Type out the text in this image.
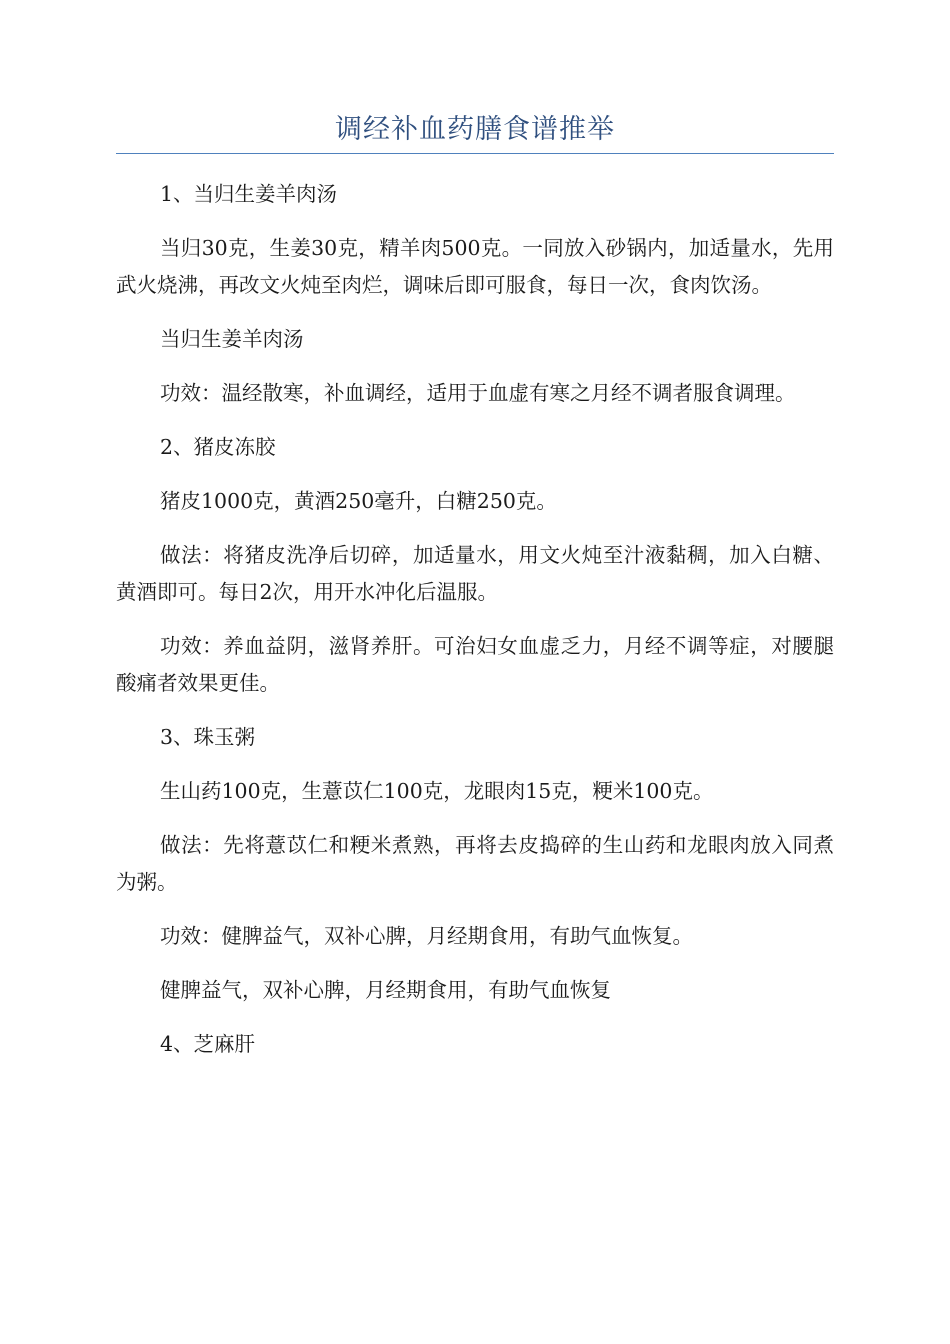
调经补血药膳食谱推举

1、当归生姜羊肉汤

当归30克，生姜30克，精羊肉500克。一同放入砂锅内，加适量水，先用武火烧沸，再改文火炖至肉烂，调味后即可服食，每日一次，食肉饮汤。

当归生姜羊肉汤

功效：温经散寒，补血调经，适用于血虚有寒之月经不调者服食调理。

2、猪皮冻胶

猪皮1000克，黄酒250毫升，白糖250克。

做法：将猪皮洗净后切碎，加适量水，用文火炖至汁液黏稠，加入白糖、黄酒即可。每日2次，用开水冲化后温服。

功效：养血益阴，滋肾养肝。可治妇女血虚乏力，月经不调等症，对腰腿酸痛者效果更佳。

3、珠玉粥

生山药100克，生薏苡仁100克，龙眼肉15克，粳米100克。

做法：先将薏苡仁和粳米煮熟，再将去皮捣碎的生山药和龙眼肉放入同煮为粥。

功效：健脾益气，双补心脾，月经期食用，有助气血恢复。

健脾益气，双补心脾，月经期食用，有助气血恢复

4、芝麻肝
